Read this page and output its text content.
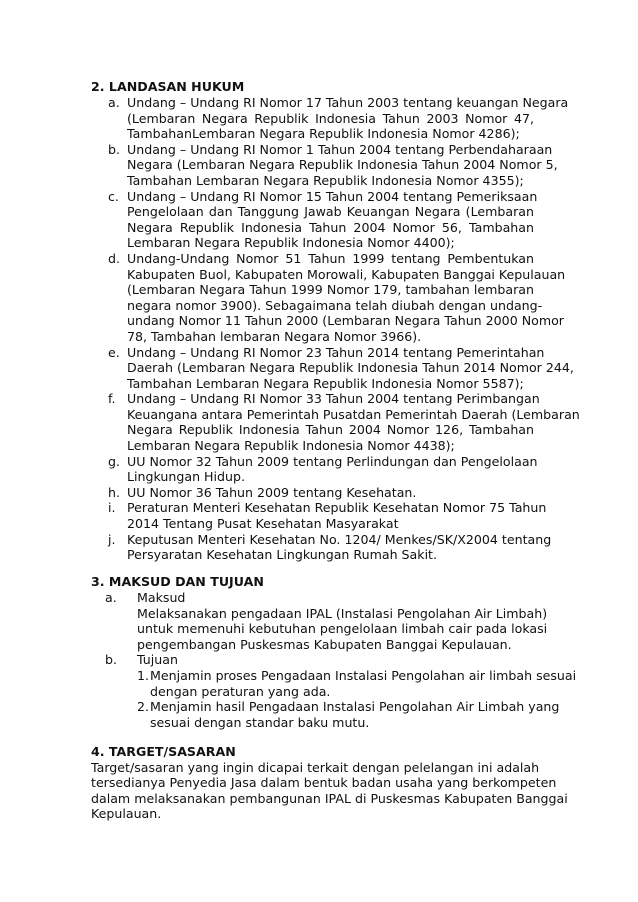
2. LANDASAN HUKUM
a. Undang – Undang RI Nomor 17 Tahun 2003 tentang keuangan Negara
(Lembaran Negara Republik Indonesia Tahun 2003 Nomor 47,
TambahanLembaran Negara Republik Indonesia Nomor 4286);
b. Undang – Undang RI Nomor 1 Tahun 2004 tentang Perbendaharaan
Negara (Lembaran Negara Republik Indonesia Tahun 2004 Nomor 5,
Tambahan Lembaran Negara Republik Indonesia Nomor 4355);
c. Undang – Undang RI Nomor 15 Tahun 2004 tentang Pemeriksaan
Pengelolaan dan Tanggung Jawab Keuangan Negara (Lembaran
Negara Republik Indonesia Tahun 2004 Nomor 56, Tambahan
Lembaran Negara Republik Indonesia Nomor 4400);
d. Undang-Undang Nomor 51 Tahun 1999 tentang Pembentukan
Kabupaten Buol, Kabupaten Morowali, Kabupaten Banggai Kepulauan
(Lembaran Negara Tahun 1999 Nomor 179, tambahan lembaran
negara nomor 3900). Sebagaimana telah diubah dengan undang-
undang Nomor 11 Tahun 2000 (Lembaran Negara Tahun 2000 Nomor
78, Tambahan lembaran Negara Nomor 3966).
e. Undang – Undang RI Nomor 23 Tahun 2014 tentang Pemerintahan
Daerah (Lembaran Negara Republik Indonesia Tahun 2014 Nomor 244,
Tambahan Lembaran Negara Republik Indonesia Nomor 5587);
f. Undang – Undang RI Nomor 33 Tahun 2004 tentang Perimbangan
Keuangana antara Pemerintah Pusatdan Pemerintah Daerah (Lembaran
Negara Republik Indonesia Tahun 2004 Nomor 126, Tambahan
Lembaran Negara Republik Indonesia Nomor 4438);
g. UU Nomor 32 Tahun 2009 tentang Perlindungan dan Pengelolaan
Lingkungan Hidup.
h. UU Nomor 36 Tahun 2009 tentang Kesehatan.
i. Peraturan Menteri Kesehatan Republik Kesehatan Nomor 75 Tahun
2014 Tentang Pusat Kesehatan Masyarakat
j. Keputusan Menteri Kesehatan No. 1204/ Menkes/SK/X2004 tentang
Persyaratan Kesehatan Lingkungan Rumah Sakit.
3. MAKSUD DAN TUJUAN
a. Maksud
Melaksanakan pengadaan IPAL (Instalasi Pengolahan Air Limbah)
untuk memenuhi kebutuhan pengelolaan limbah cair pada lokasi
pengembangan Puskesmas Kabupaten Banggai Kepulauan.
b. Tujuan
1. Menjamin proses Pengadaan Instalasi Pengolahan air limbah sesuai
dengan peraturan yang ada.
2. Menjamin hasil Pengadaan Instalasi Pengolahan Air Limbah yang
sesuai dengan standar baku mutu.
4. TARGET/SASARAN
Target/sasaran yang ingin dicapai terkait dengan pelelangan ini adalah
tersedianya Penyedia Jasa dalam bentuk badan usaha yang berkompeten
dalam melaksanakan pembangunan IPAL di Puskesmas Kabupaten Banggai
Kepulauan.
